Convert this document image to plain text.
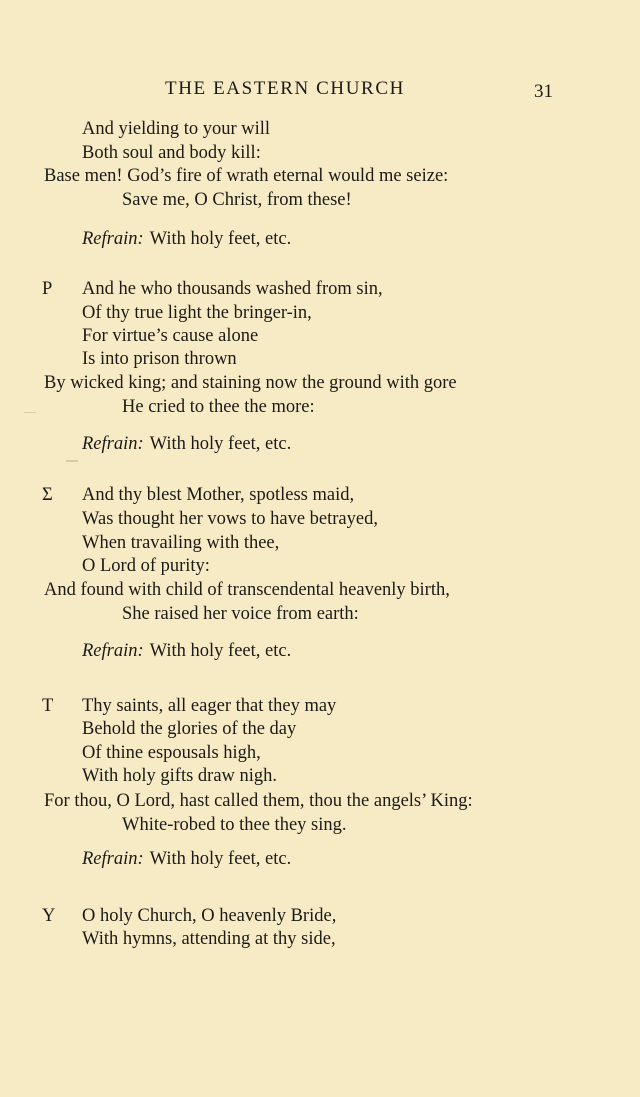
THE EASTERN CHURCH	31
And yielding to your will
Both soul and body kill:
Base men! God’s fire of wrath eternal would me seize:
Save me, O Christ, from these!
Refrain: With holy feet, etc.
P And he who thousands washed from sin,
Of thy true light the bringer-in,
For virtue’s cause alone
Is into prison thrown
By wicked king; and staining now the ground with gore
He cried to thee the more:
Refrain: With holy feet, etc.
Σ And thy blest Mother, spotless maid,
Was thought her vows to have betrayed,
When travailing with thee,
O Lord of purity:
And found with child of transcendental heavenly birth,
She raised her voice from earth:
Refrain: With holy feet, etc.
T Thy saints, all eager that they may
Behold the glories of the day
Of thine espousals high,
With holy gifts draw nigh.
For thou, O Lord, hast called them, thou the angels’ King:
White-robed to thee they sing.
Refrain: With holy feet, etc.
Υ O holy Church, O heavenly Bride,
With hymns, attending at thy side,
